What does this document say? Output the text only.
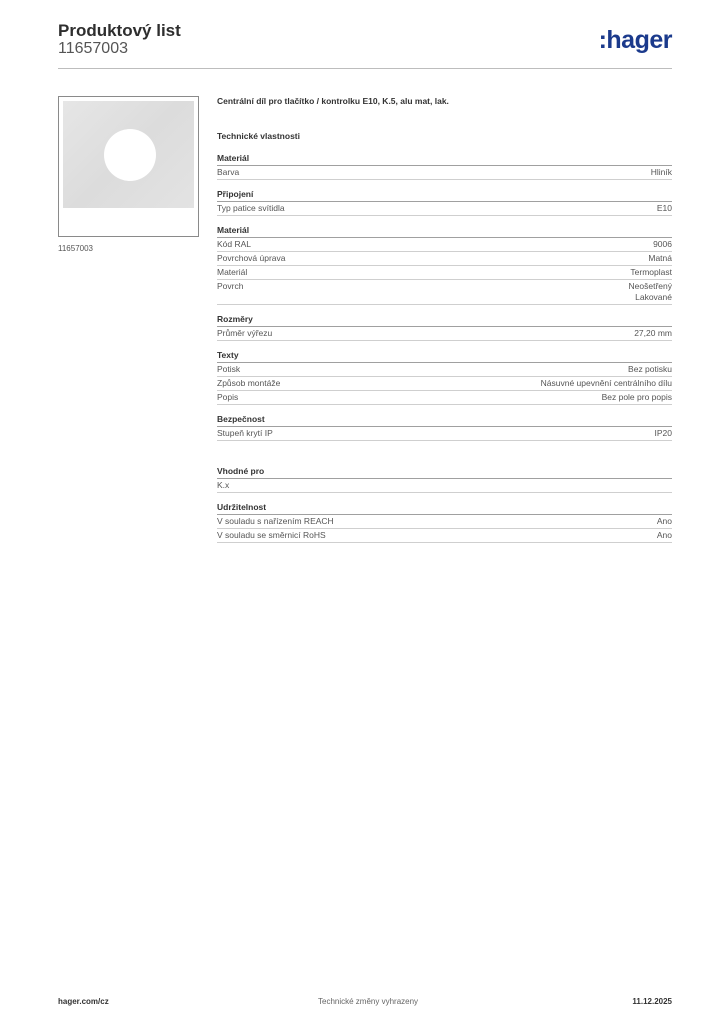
Produktový list
11657003	:hager
11657003
Centrální díl pro tlačítko / kontrolku E10, K.5, alu mat, lak.
Technické vlastnosti
Materiál
Barva	Hliník
Připojení
Typ patice svítidla	E10
Materiál
Kód RAL	9006
Povrchová úprava	Matná
Materiál	Termoplast
Povrch	Neošetřený
Lakované
Rozměry
Průměr výřezu	27,20 mm
Texty
Potisk	Bez potisku
Způsob montáže	Násuvné upevnění centrálního dílu
Popis	Bez pole pro popis
Bezpečnost
Stupeň krytí IP	IP20
Vhodné pro
K.x

Udržitelnost
V souladu s nařízením REACH	Ano
V souladu se směrnicí RoHS	Ano
hager.com/cz	Technické změny vyhrazeny	11.12.2025
